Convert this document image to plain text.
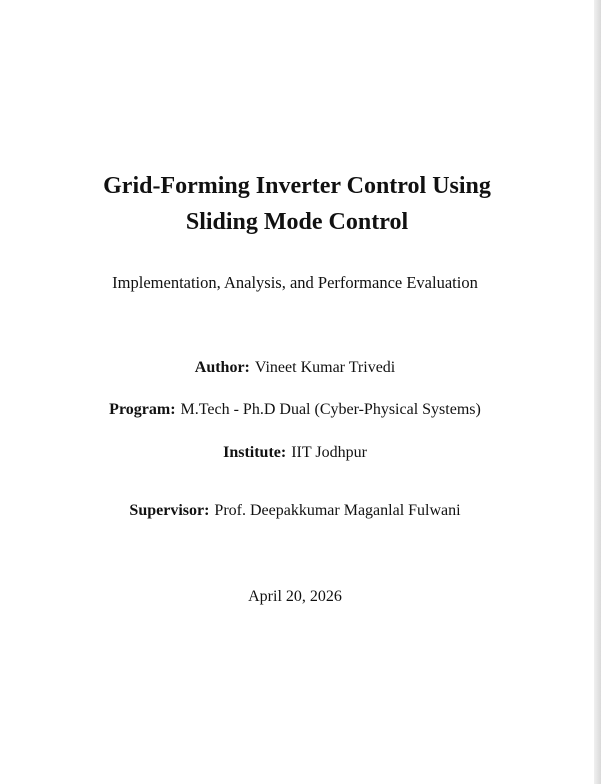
Grid-Forming Inverter Control Using
Sliding Mode Control
Implementation, Analysis, and Performance Evaluation
Author: Vineet Kumar Trivedi
Program: M.Tech - Ph.D Dual (Cyber-Physical Systems)
Institute: IIT Jodhpur
Supervisor: Prof. Deepakkumar Maganlal Fulwani
April 20, 2026
